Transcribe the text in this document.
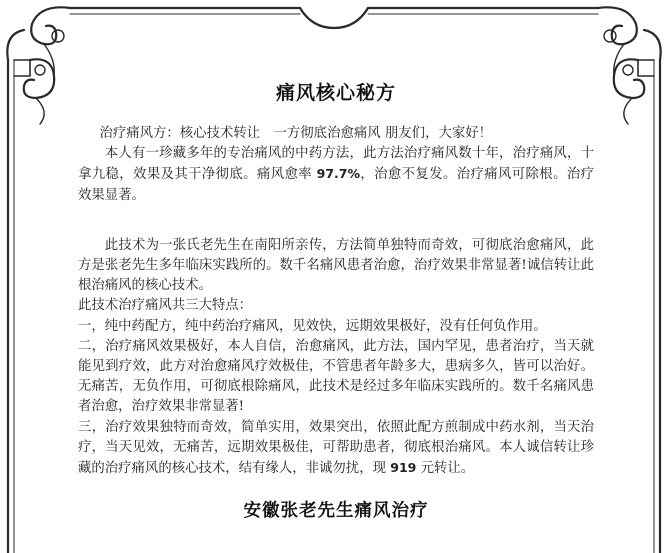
痛风核心秘方

治疗痛风方：核心技术转让　一方彻底治愈痛风 朋友们，大家好！

本人有一珍藏多年的专治痛风的中药方法，此方法治疗痛风数十年，治疗痛风，十拿九稳，效果及其干净彻底。痛风愈率 97.7%，治愈不复发。治疗痛风可除根。治疗效果显著。

此技术为一张氏老先生在南阳所亲传，方法简单独特而奇效，可彻底治愈痛风，此方是张老先生多年临床实践所的。数千名痛风患者治愈，治疗效果非常显著!诚信转让此根治痛风的核心技术。

此技术治疗痛风共三大特点：

一，纯中药配方，纯中药治疗痛风，见效快，远期效果极好，没有任何负作用。

二，治疗痛风效果极好，本人自信，治愈痛风，此方法，国内罕见，患者治疗，当天就能见到疗效，此方对治愈痛风疗效极佳，不管患者年龄多大，患病多久，皆可以治好。无痛苦，无负作用，可彻底根除痛风，此技术是经过多年临床实践所的。数千名痛风患者治愈，治疗效果非常显著!

三，治疗效果独特而奇效，简单实用，效果突出，依照此配方煎制成中药水剂，当天治疗，当天见效，无痛苦，远期效果极佳，可帮助患者，彻底根治痛风。本人诚信转让珍藏的治疗痛风的核心技术，结有缘人，非诚勿扰，现 919 元转让。

安徽张老先生痛风治疗
